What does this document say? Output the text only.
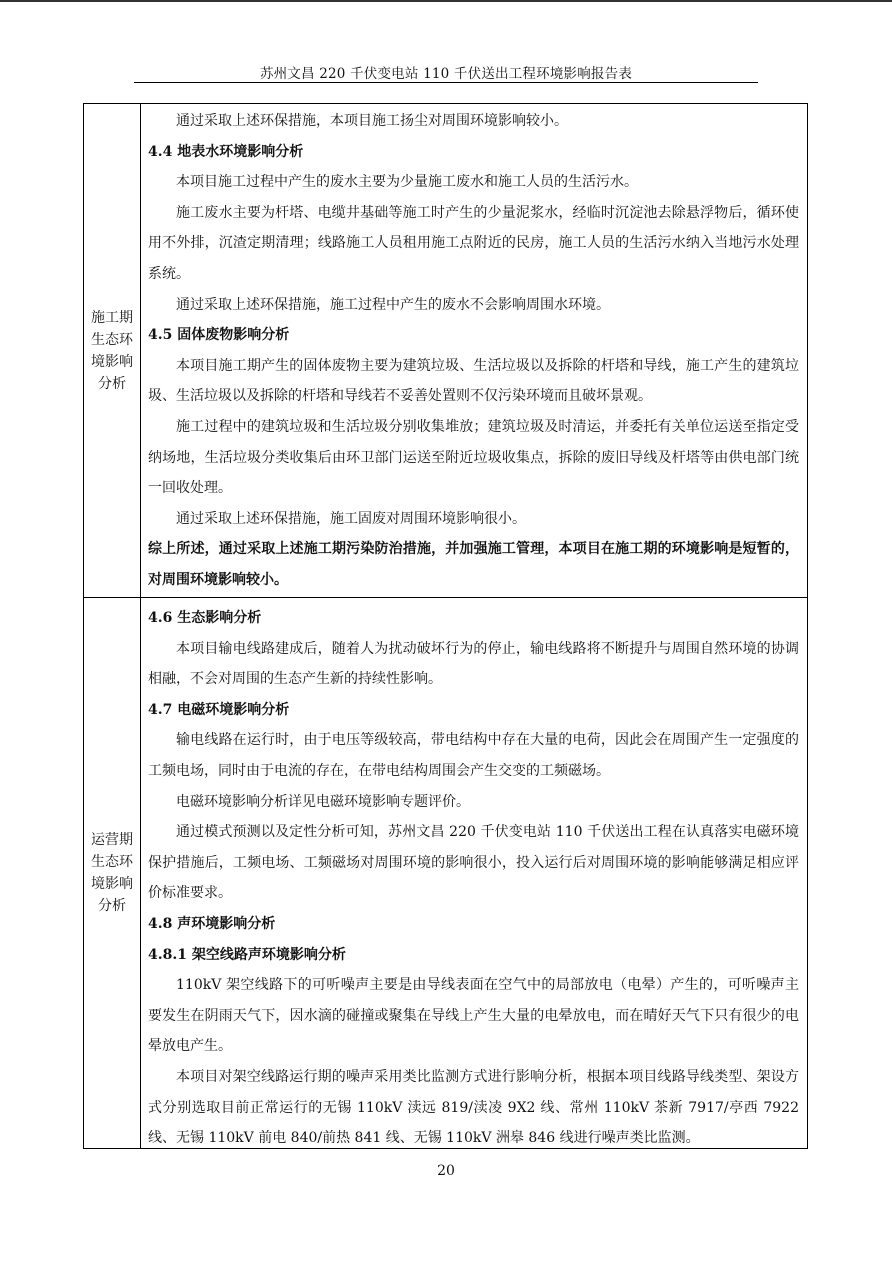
苏州文昌 220 千伏变电站 110 千伏送出工程环境影响报告表
施工期生态环境影响分析

通过采取上述环保措施，本项目施工扬尘对周围环境影响较小。

4.4 地表水环境影响分析

本项目施工过程中产生的废水主要为少量施工废水和施工人员的生活污水。

施工废水主要为杆塔、电缆井基础等施工时产生的少量泥浆水，经临时沉淀池去除悬浮物后，循环使用不外排，沉渣定期清理；线路施工人员租用施工点附近的民房，施工人员的生活污水纳入当地污水处理系统。

通过采取上述环保措施，施工过程中产生的废水不会影响周围水环境。

4.5 固体废物影响分析

本项目施工期产生的固体废物主要为建筑垃圾、生活垃圾以及拆除的杆塔和导线，施工产生的建筑垃圾、生活垃圾以及拆除的杆塔和导线若不妥善处置则不仅污染环境而且破坏景观。

施工过程中的建筑垃圾和生活垃圾分别收集堆放；建筑垃圾及时清运，并委托有关单位运送至指定受纳场地，生活垃圾分类收集后由环卫部门运送至附近垃圾收集点，拆除的废旧导线及杆塔等由供电部门统一回收处理。

通过采取上述环保措施，施工固废对周围环境影响很小。

综上所述，通过采取上述施工期污染防治措施，并加强施工管理，本项目在施工期的环境影响是短暂的，对周围环境影响较小。

运营期生态环境影响分析

4.6 生态影响分析

本项目输电线路建成后，随着人为扰动破坏行为的停止，输电线路将不断提升与周围自然环境的协调相融，不会对周围的生态产生新的持续性影响。

4.7 电磁环境影响分析

输电线路在运行时，由于电压等级较高，带电结构中存在大量的电荷，因此会在周围产生一定强度的工频电场，同时由于电流的存在，在带电结构周围会产生交变的工频磁场。

电磁环境影响分析详见电磁环境影响专题评价。

通过模式预测以及定性分析可知，苏州文昌 220 千伏变电站 110 千伏送出工程在认真落实电磁环境保护措施后，工频电场、工频磁场对周围环境的影响很小，投入运行后对周围环境的影响能够满足相应评价标准要求。

4.8 声环境影响分析

4.8.1 架空线路声环境影响分析

110kV 架空线路下的可听噪声主要是由导线表面在空气中的局部放电（电晕）产生的，可听噪声主要发生在阴雨天气下，因水滴的碰撞或聚集在导线上产生大量的电晕放电，而在晴好天气下只有很少的电晕放电产生。

本项目对架空线路运行期的噪声采用类比监测方式进行影响分析，根据本项目线路导线类型、架设方式分别选取目前正常运行的无锡 110kV 渎远 819/渎凌 9X2 线、常州 110kV 茶新 7917/亭西 7922 线、无锡 110kV 前电 840/前热 841 线、无锡 110kV 洲皋 846 线进行噪声类比监测。

20
